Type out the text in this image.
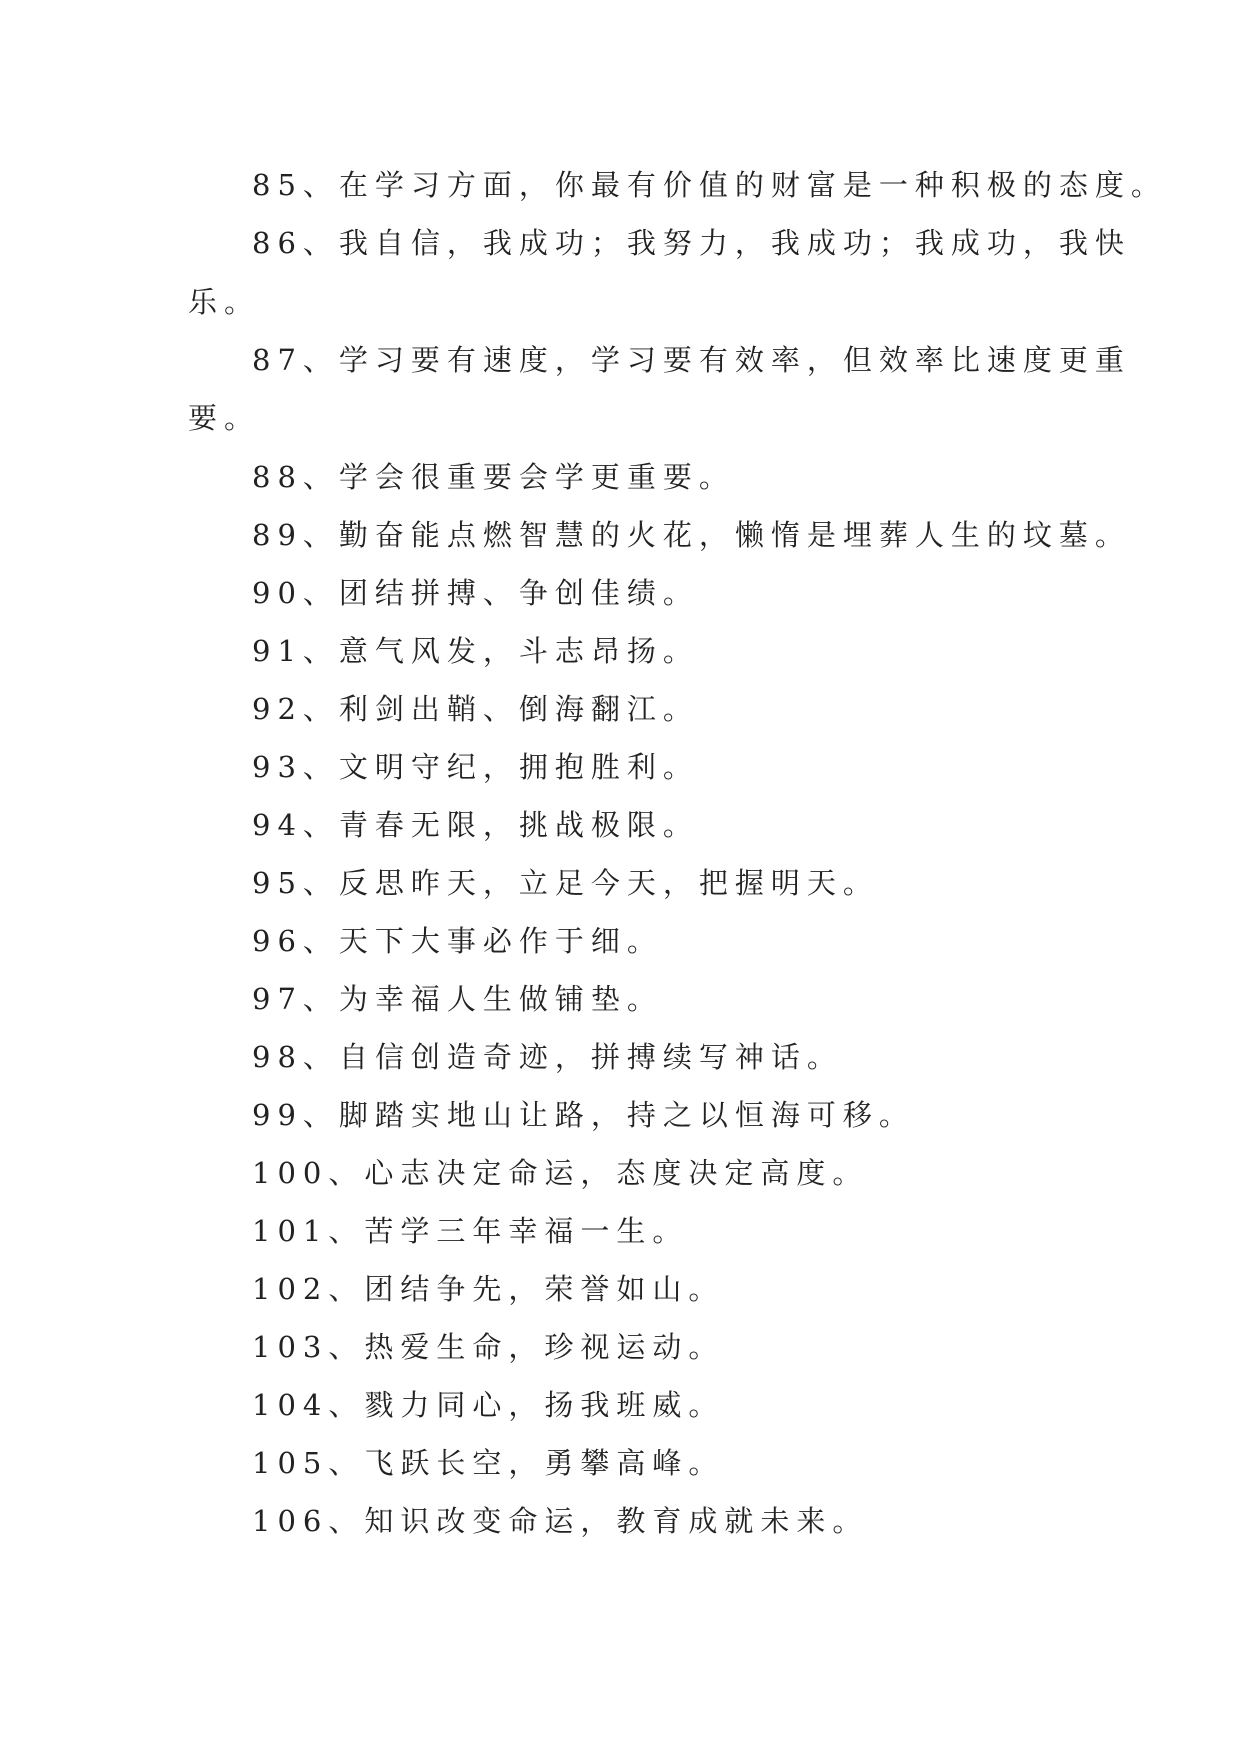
85、在学习方面，你最有价值的财富是一种积极的态度。
86、我自信，我成功；我努力，我成功；我成功，我快
乐。
87、学习要有速度，学习要有效率，但效率比速度更重
要。
88、学会很重要会学更重要。
89、勤奋能点燃智慧的火花，懒惰是埋葬人生的坟墓。
90、团结拼搏、争创佳绩。
91、意气风发，斗志昂扬。
92、利剑出鞘、倒海翻江。
93、文明守纪，拥抱胜利。
94、青春无限，挑战极限。
95、反思昨天，立足今天，把握明天。
96、天下大事必作于细。
97、为幸福人生做铺垫。
98、自信创造奇迹，拼搏续写神话。
99、脚踏实地山让路，持之以恒海可移。
100、心志决定命运，态度决定高度。
101、苦学三年幸福一生。
102、团结争先，荣誉如山。
103、热爱生命，珍视运动。
104、戮力同心，扬我班威。
105、飞跃长空，勇攀高峰。
106、知识改变命运，教育成就未来。
